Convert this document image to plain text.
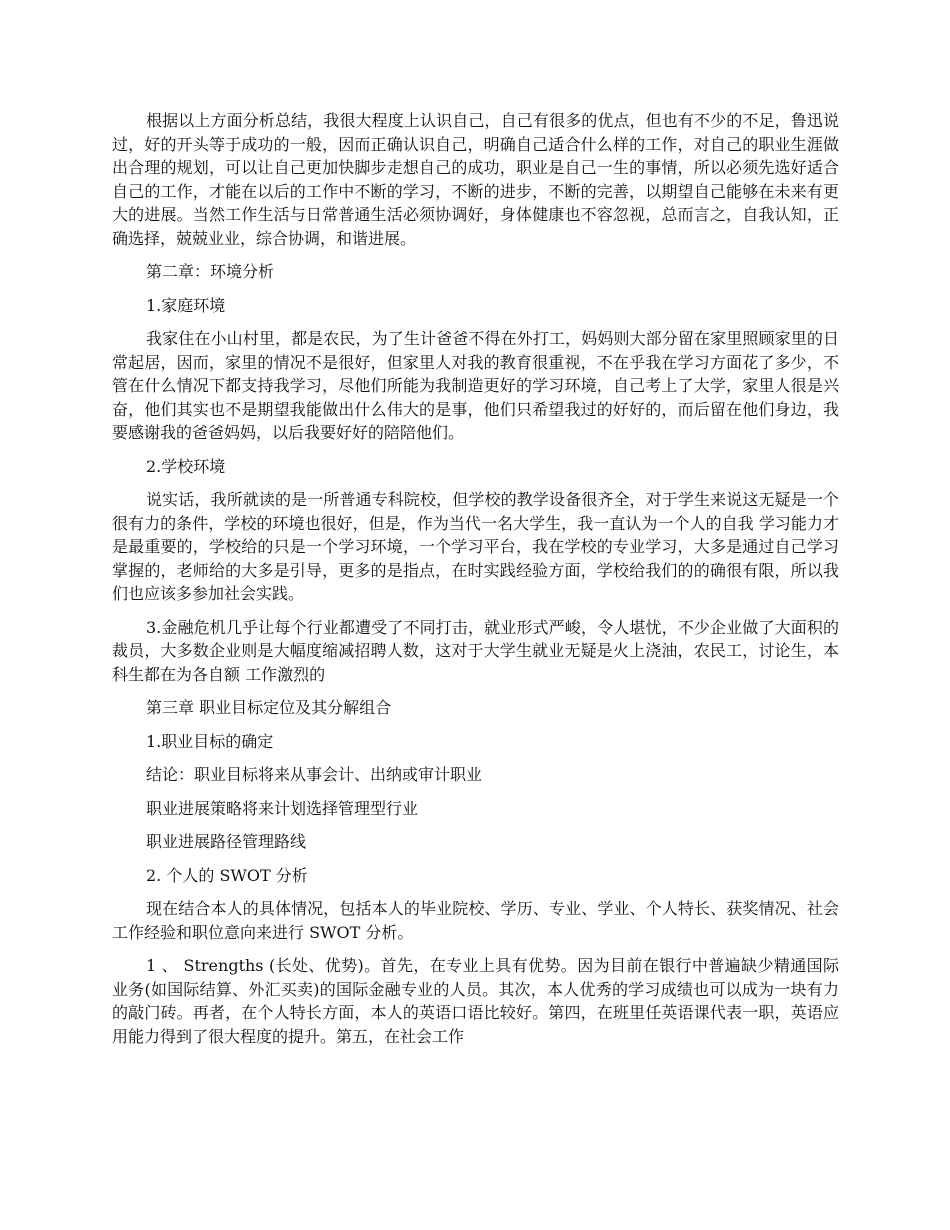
根据以上方面分析总结，我很大程度上认识自己，自己有很多的优点，但也有不少的不足，鲁迅说过，好的开头等于成功的一般，因而正确认识自己，明确自己适合什么样的工作，对自己的职业生涯做出合理的规划，可以让自己更加快脚步走想自己的成功，职业是自己一生的事情，所以必须先选好适合自己的工作，才能在以后的工作中不断的学习，不断的进步，不断的完善，以期望自己能够在未来有更大的进展。当然工作生活与日常普通生活必须协调好，身体健康也不容忽视，总而言之，自我认知，正确选择，兢兢业业，综合协调，和谐进展。

第二章：环境分析

1.家庭环境

我家住在小山村里，都是农民，为了生计爸爸不得在外打工，妈妈则大部分留在家里照顾家里的日常起居，因而，家里的情况不是很好，但家里人对我的教育很重视，不在乎我在学习方面花了多少，不管在什么情况下都支持我学习，尽他们所能为我制造更好的学习环境，自己考上了大学，家里人很是兴奋，他们其实也不是期望我能做出什么伟大的是事，他们只希望我过的好好的，而后留在他们身边，我要感谢我的爸爸妈妈，以后我要好好的陪陪他们。

2.学校环境

说实话，我所就读的是一所普通专科院校，但学校的教学设备很齐全，对于学生来说这无疑是一个很有力的条件，学校的环境也很好，但是，作为当代一名大学生，我一直认为一个人的自我 学习能力才是最重要的，学校给的只是一个学习环境，一个学习平台，我在学校的专业学习，大多是通过自己学习掌握的，老师给的大多是引导，更多的是指点，在时实践经验方面，学校给我们的的确很有限，所以我们也应该多参加社会实践。

3.金融危机几乎让每个行业都遭受了不同打击，就业形式严峻，令人堪忧，不少企业做了大面积的裁员，大多数企业则是大幅度缩减招聘人数，这对于大学生就业无疑是火上浇油，农民工，讨论生，本科生都在为各自额 工作激烈的

第三章 职业目标定位及其分解组合

1.职业目标的确定

结论：职业目标将来从事会计、出纳或审计职业

职业进展策略将来计划选择管理型行业

职业进展路径管理路线

2. 个人的 SWOT 分析

现在结合本人的具体情况，包括本人的毕业院校、学历、专业、学业、个人特长、获奖情况、社会工作经验和职位意向来进行 SWOT 分析。

1 、 Strengths (长处、优势)。首先，在专业上具有优势。因为目前在银行中普遍缺少精通国际业务(如国际结算、外汇买卖)的国际金融专业的人员。其次，本人优秀的学习成绩也可以成为一块有力的敲门砖。再者，在个人特长方面，本人的英语口语比较好。第四，在班里任英语课代表一职，英语应用能力得到了很大程度的提升。第五，在社会工作
